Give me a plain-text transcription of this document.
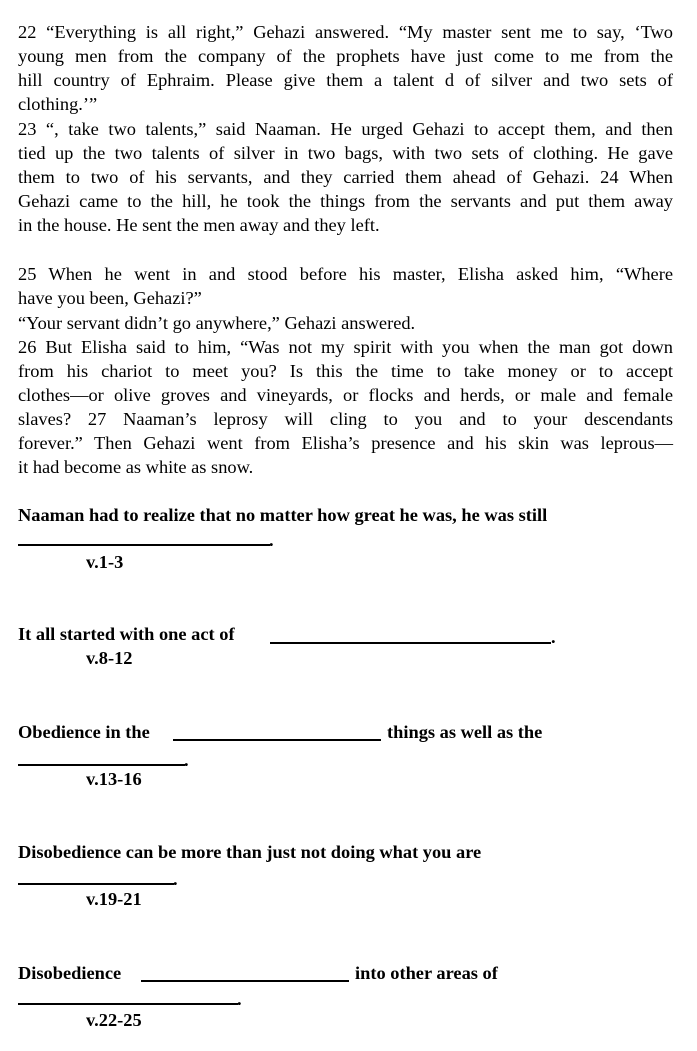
22 “Everything is all right,” Gehazi answered. “My master sent me to say, ‘Two
young men from the company of the prophets have just come to me from the
hill country of Ephraim. Please give them a talent d of silver and two sets of
clothing.’”
23 “, take two talents,” said Naaman. He urged Gehazi to accept them, and then
tied up the two talents of silver in two bags, with two sets of clothing. He gave
them to two of his servants, and they carried them ahead of Gehazi. 24 When
Gehazi came to the hill, he took the things from the servants and put them away
in the house. He sent the men away and they left.
25 When he went in and stood before his master, Elisha asked him, “Where
have you been, Gehazi?”
“Your servant didn’t go anywhere,” Gehazi answered.
26 But Elisha said to him, “Was not my spirit with you when the man got down
from his chariot to meet you? Is this the time to take money or to accept
clothes—or olive groves and vineyards, or flocks and herds, or male and female
slaves? 27 Naaman’s leprosy will cling to you and to your descendants
forever.” Then Gehazi went from Elisha’s presence and his skin was leprous—
it had become as white as snow.
Naaman had to realize that no matter how great he was, he was still
.
v.1-3
It all started with one act of	.
v.8-12
Obedience in the	things as well as the
.
v.13-16
Disobedience can be more than just not doing what you are
.
v.19-21
Disobedience	into other areas of
.
v.22-25
